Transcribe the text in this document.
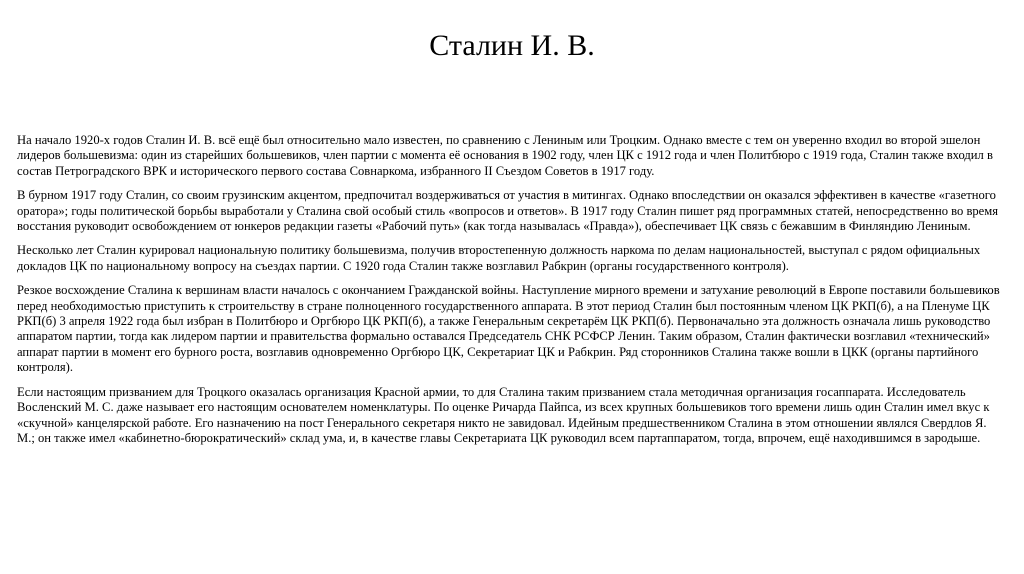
Сталин И. В.

На начало 1920-х годов Сталин И. В. всё ещё был относительно мало известен, по сравнению с Лениным или Троцким. Однако вместе с тем он уверенно входил во второй эшелон лидеров большевизма: один из старейших большевиков, член партии с момента её основания в 1902 году, член ЦК с 1912 года и член Политбюро с 1919 года, Сталин также входил в состав Петроградского ВРК и исторического первого состава Совнаркома, избранного II Съездом Советов в 1917 году.

В бурном 1917 году Сталин, со своим грузинским акцентом, предпочитал воздерживаться от участия в митингах. Однако впоследствии он оказался эффективен в качестве «газетного оратора»; годы политической борьбы выработали у Сталина свой особый стиль «вопросов и ответов». В 1917 году Сталин пишет ряд программных статей, непосредственно во время восстания руководит освобождением от юнкеров редакции газеты «Рабочий путь» (как тогда называлась «Правда»), обеспечивает ЦК связь с бежавшим в Финляндию Лениным.

Несколько лет Сталин курировал национальную политику большевизма, получив второстепенную должность наркома по делам национальностей, выступал с рядом официальных докладов ЦК по национальному вопросу на съездах партии. С 1920 года Сталин также возглавил Рабкрин (органы государственного контроля).

Резкое восхождение Сталина к вершинам власти началось с окончанием Гражданской войны. Наступление мирного времени и затухание революций в Европе поставили большевиков перед необходимостью приступить к строительству в стране полноценного государственного аппарата. В этот период Сталин был постоянным членом ЦК РКП(б), а на Пленуме ЦК РКП(б) 3 апреля 1922 года был избран в Политбюро и Оргбюро ЦК РКП(б), а также Генеральным секретарём ЦК РКП(б). Первоначально эта должность означала лишь руководство аппаратом партии, тогда как лидером партии и правительства формально оставался Председатель СНК РСФСР Ленин. Таким образом, Сталин фактически возглавил «технический» аппарат партии в момент его бурного роста, возглавив одновременно Оргбюро ЦК, Секретариат ЦК и Рабкрин. Ряд сторонников Сталина также вошли в ЦКК (органы партийного контроля).

Если настоящим призванием для Троцкого оказалась организация Красной армии, то для Сталина таким призванием стала методичная организация госаппарата. Исследователь Восленский М. С. даже называет его настоящим основателем номенклатуры. По оценке Ричарда Пайпса, из всех крупных большевиков того времени лишь один Сталин имел вкус к «скучной» канцелярской работе. Его назначению на пост Генерального секретаря никто не завидовал. Идейным предшественником Сталина в этом отношении являлся Свердлов Я. М.; он также имел «кабинетно-бюрократический» склад ума, и, в качестве главы Секретариата ЦК руководил всем партаппаратом, тогда, впрочем, ещё находившимся в зародыше.
